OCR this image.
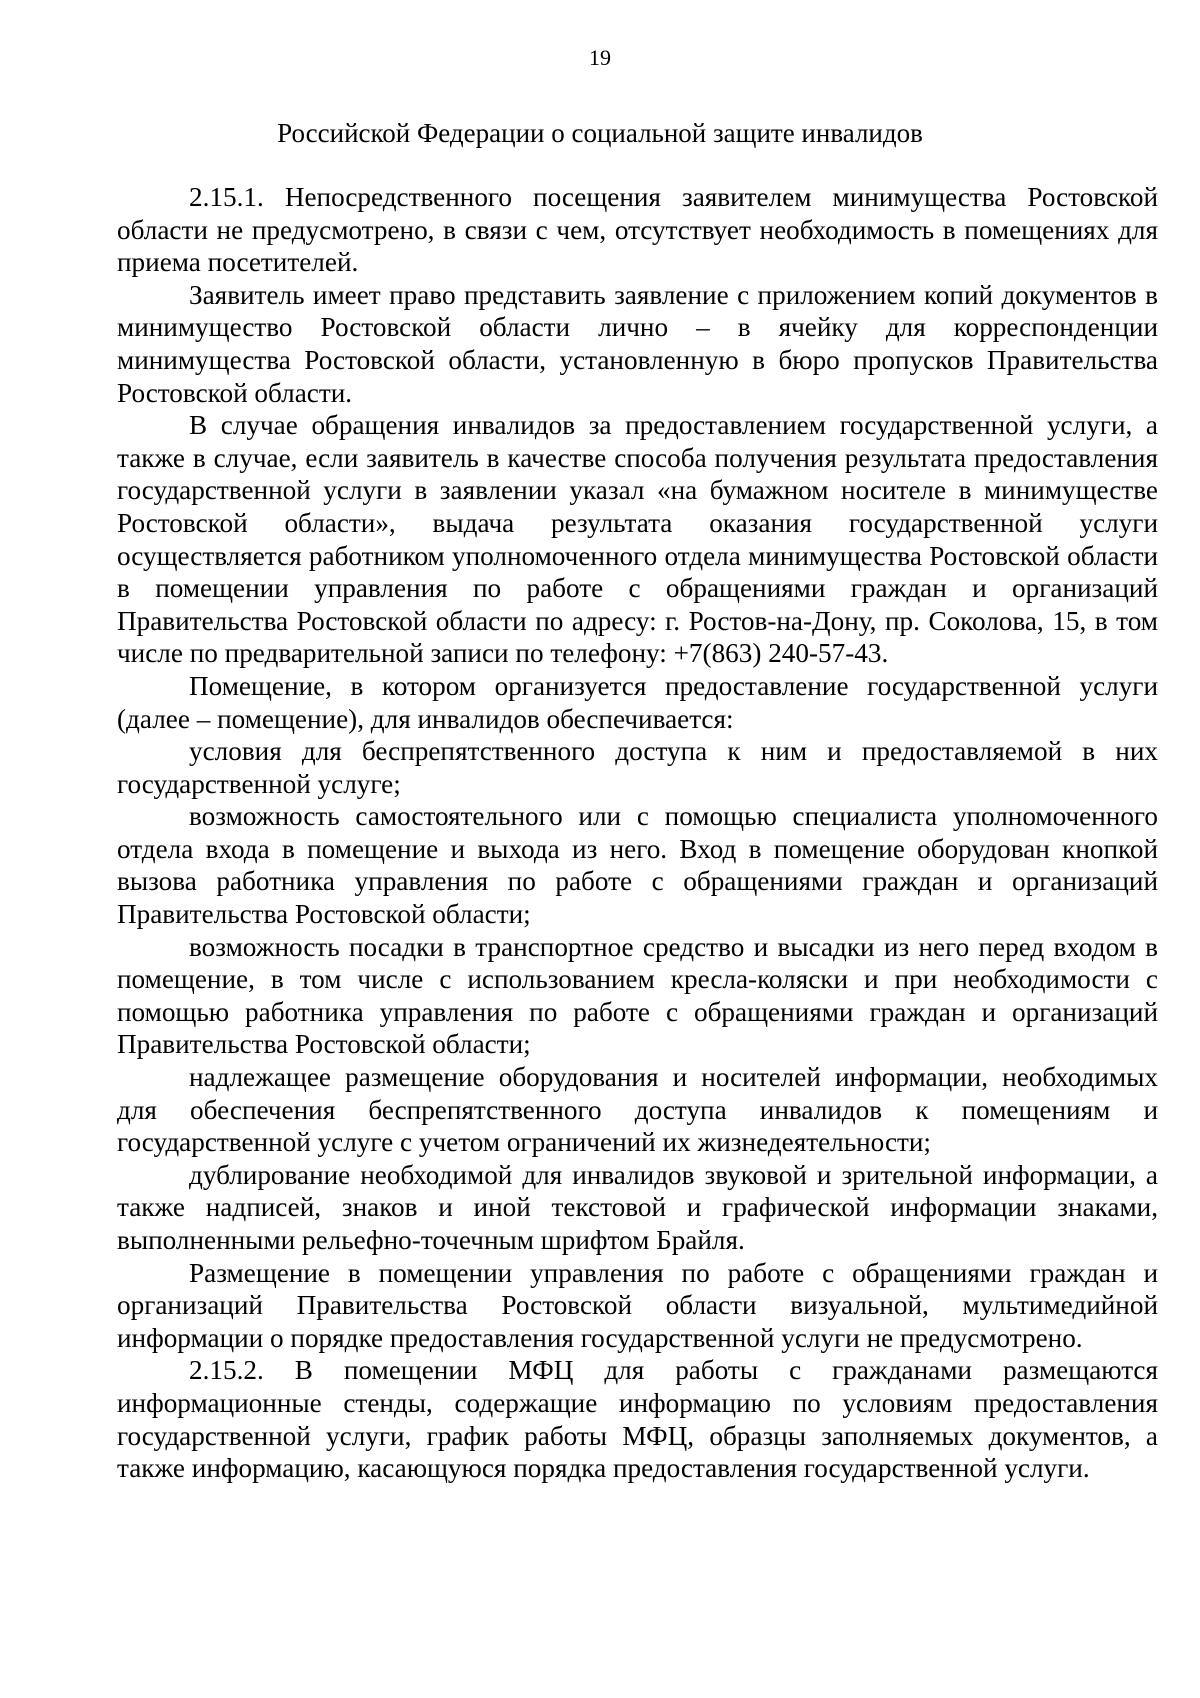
19
Российской Федерации о социальной защите инвалидов

2.15.1. Непосредственного посещения заявителем минимущества Ростовской области не предусмотрено, в связи с чем, отсутствует необходимость в помещениях для приема посетителей.

Заявитель имеет право представить заявление с приложением копий документов в минимущество Ростовской области лично – в ячейку для корреспонденции минимущества Ростовской области, установленную в бюро пропусков Правительства Ростовской области.

В случае обращения инвалидов за предоставлением государственной услуги, а также в случае, если заявитель в качестве способа получения результата предоставления государственной услуги в заявлении указал «на бумажном носителе в минимуществе Ростовской области», выдача результата оказания государственной услуги осуществляется работником уполномоченного отдела минимущества Ростовской области в помещении управления по работе с обращениями граждан и организаций Правительства Ростовской области по адресу: г. Ростов-на-Дону, пр. Соколова, 15, в том числе по предварительной записи по телефону: +7(863) 240-57-43.

Помещение, в котором организуется предоставление государственной услуги (далее – помещение), для инвалидов обеспечивается:

условия для беспрепятственного доступа к ним и предоставляемой в них государственной услуге;

возможность самостоятельного или с помощью специалиста уполномоченного отдела входа в помещение и выхода из него. Вход в помещение оборудован кнопкой вызова работника управления по работе с обращениями граждан и организаций Правительства Ростовской области;

возможность посадки в транспортное средство и высадки из него перед входом в помещение, в том числе с использованием кресла-коляски и при необходимости с помощью работника управления по работе с обращениями граждан и организаций Правительства Ростовской области;

надлежащее размещение оборудования и носителей информации, необходимых для обеспечения беспрепятственного доступа инвалидов к помещениям и государственной услуге с учетом ограничений их жизнедеятельности;

дублирование необходимой для инвалидов звуковой и зрительной информации, а также надписей, знаков и иной текстовой и графической информации знаками, выполненными рельефно-точечным шрифтом Брайля.

Размещение в помещении управления по работе с обращениями граждан и организаций Правительства Ростовской области визуальной, мультимедийной информации о порядке предоставления государственной услуги не предусмотрено.

2.15.2. В помещении МФЦ для работы с гражданами размещаются информационные стенды, содержащие информацию по условиям предоставления государственной услуги, график работы МФЦ, образцы заполняемых документов, а также информацию, касающуюся порядка предоставления государственной услуги.
